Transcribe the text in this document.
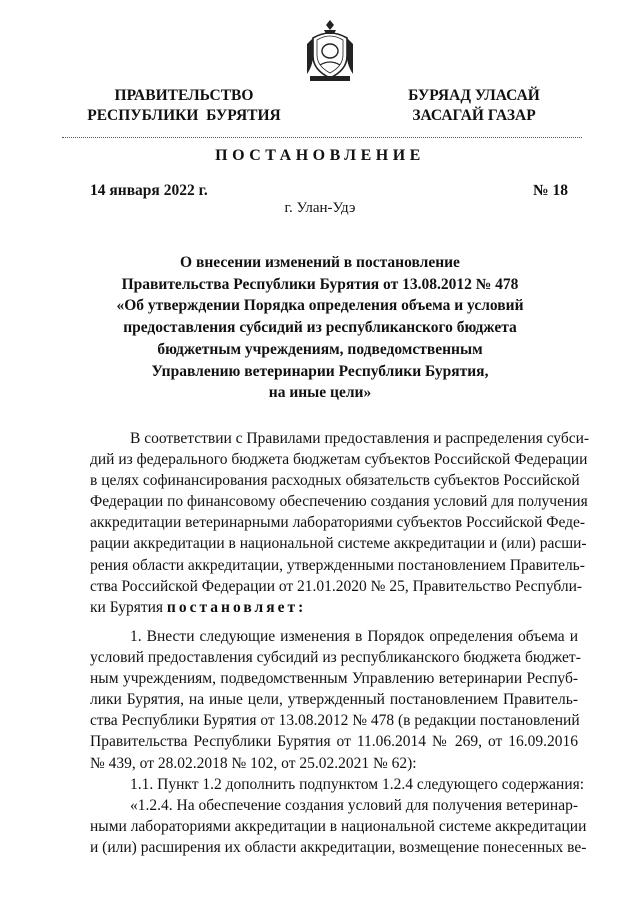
ПРАВИТЕЛЬСТВО
РЕСПУБЛИКИ  БУРЯТИЯ
БУРЯАД УЛАСАЙ
ЗАСАГАЙ ГАЗАР
ПОСТАНОВЛЕНИЕ
14 января 2022 г.	№ 18
г. Улан-Удэ
О внесении изменений в постановление
Правительства Республики Бурятия от 13.08.2012 № 478
«Об утверждении Порядка определения объема и условий
предоставления субсидий из республиканского бюджета
бюджетным учреждениям, подведомственным
Управлению ветеринарии Республики Бурятия,
на иные цели»
В соответствии с Правилами предоставления и распределения субси-
дий из федерального бюджета бюджетам субъектов Российской Федерации
в целях софинансирования расходных обязательств субъектов Российской
Федерации по финансовому обеспечению создания условий для получения
аккредитации ветеринарными лабораториями субъектов Российской Феде-
рации аккредитации в национальной системе аккредитации и (или) расши-
рения области аккредитации, утвержденными постановлением Правитель-
ства Российской Федерации от 21.01.2020 № 25, Правительство Республи-
ки Бурятия постановляет:
1. Внести следующие изменения в Порядок определения объема и
условий предоставления субсидий из республиканского бюджета бюджет-
ным учреждениям, подведомственным Управлению ветеринарии Респуб-
лики Бурятия, на иные цели, утвержденный постановлением Правитель-
ства Республики Бурятия от 13.08.2012 № 478 (в редакции постановлений
Правительства Республики Бурятия от 11.06.2014 № 269, от 16.09.2016
№ 439, от 28.02.2018 № 102, от 25.02.2021 № 62):
1.1. Пункт 1.2 дополнить подпунктом 1.2.4 следующего содержания:
«1.2.4. На обеспечение создания условий для получения ветеринар-
ными лабораториями аккредитации в национальной системе аккредитации
и (или) расширения их области аккредитации, возмещение понесенных ве-
